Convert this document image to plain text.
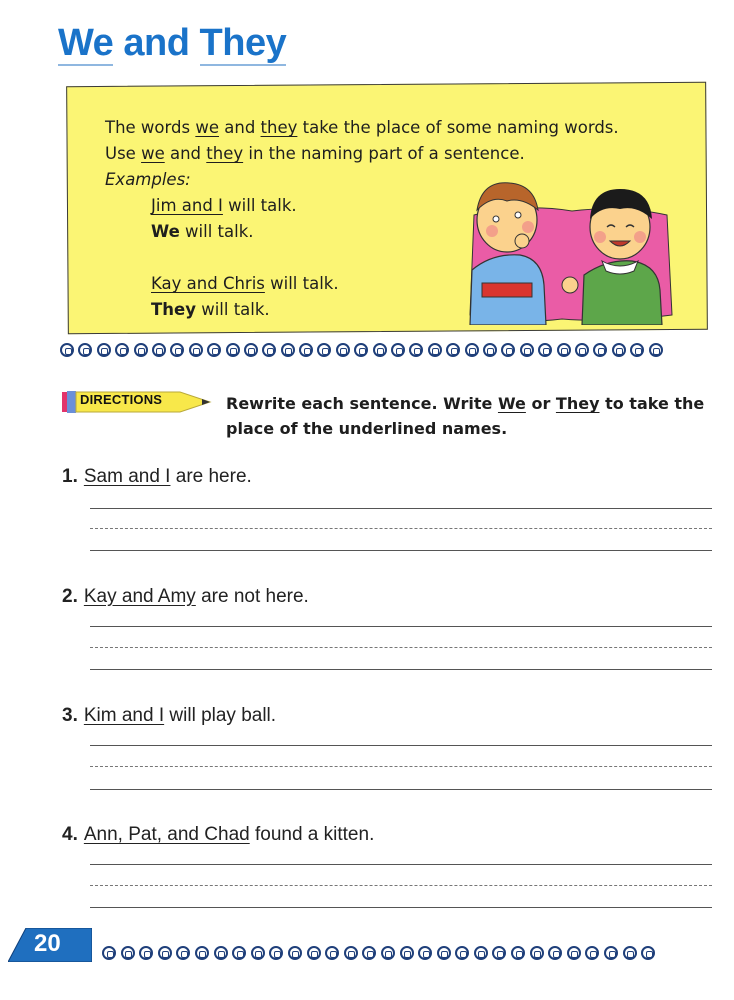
We and They
The words we and they take the place of some naming words.
Use we and they in the naming part of a sentence.
Examples:
Jim and I will talk.
We will talk.
Kay and Chris will talk.
They will talk.
DIRECTIONS	Rewrite each sentence. Write We or They to take the place of the underlined names.
1. Sam and I are here.
2. Kay and Amy are not here.
3. Kim and I will play ball.
4. Ann, Pat, and Chad found a kitten.
20
